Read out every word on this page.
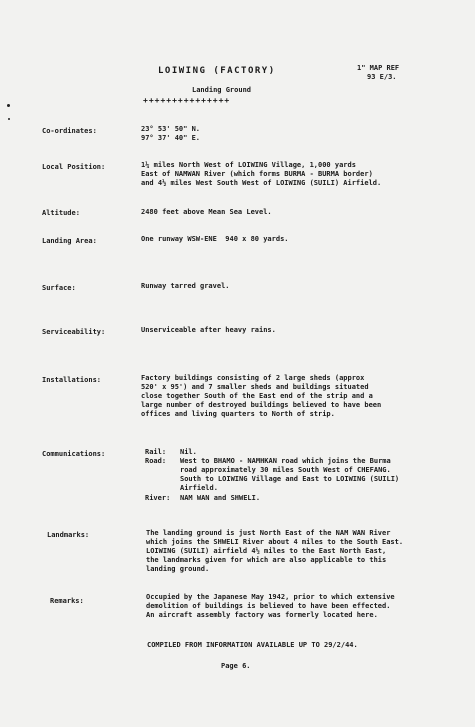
LOIWING (FACTORY)	1" MAP REF
93 E/3.
Landing Ground
+++++++++++++++
Co-ordinates:	23° 53' 50" N.
97° 37' 40" E.
Local Position:	1¼ miles North West of LOIWING Village, 1,000 yards
East of NAMWAN River (which forms BURMA - BURMA border)
and 4½ miles West South West of LOIWING (SUILI) Airfield.
Altitude:	2480 feet above Mean Sea Level.
Landing Area:	One runway WSW-ENE  940 x 80 yards.
Surface:	Runway tarred gravel.
Serviceability:	Unserviceable after heavy rains.
Installations:	Factory buildings consisting of 2 large sheds (approx
520' x 95') and 7 smaller sheds and buildings situated
close together South of the East end of the strip and a
large number of destroyed buildings believed to have been
offices and living quarters to North of strip.
Communications:	Rail: Nil.
Road: West to BHAMO - NAMHKAN road which joins the Burma
road approximately 30 miles South West of CHEFANG.
South to LOIWING Village and East to LOIWING (SUILI)
Airfield.
River: NAM WAN and SHWELI.
Landmarks:	The landing ground is just North East of the NAM WAN River
which joins the SHWELI River about 4 miles to the South East.
LOIWING (SUILI) airfield 4½ miles to the East North East,
the landmarks given for which are also applicable to this
landing ground.
Remarks:	Occupied by the Japanese May 1942, prior to which extensive
demolition of buildings is believed to have been effected.
An aircraft assembly factory was formerly located here.
COMPILED FROM INFORMATION AVAILABLE UP TO 29/2/44.
Page 6.
